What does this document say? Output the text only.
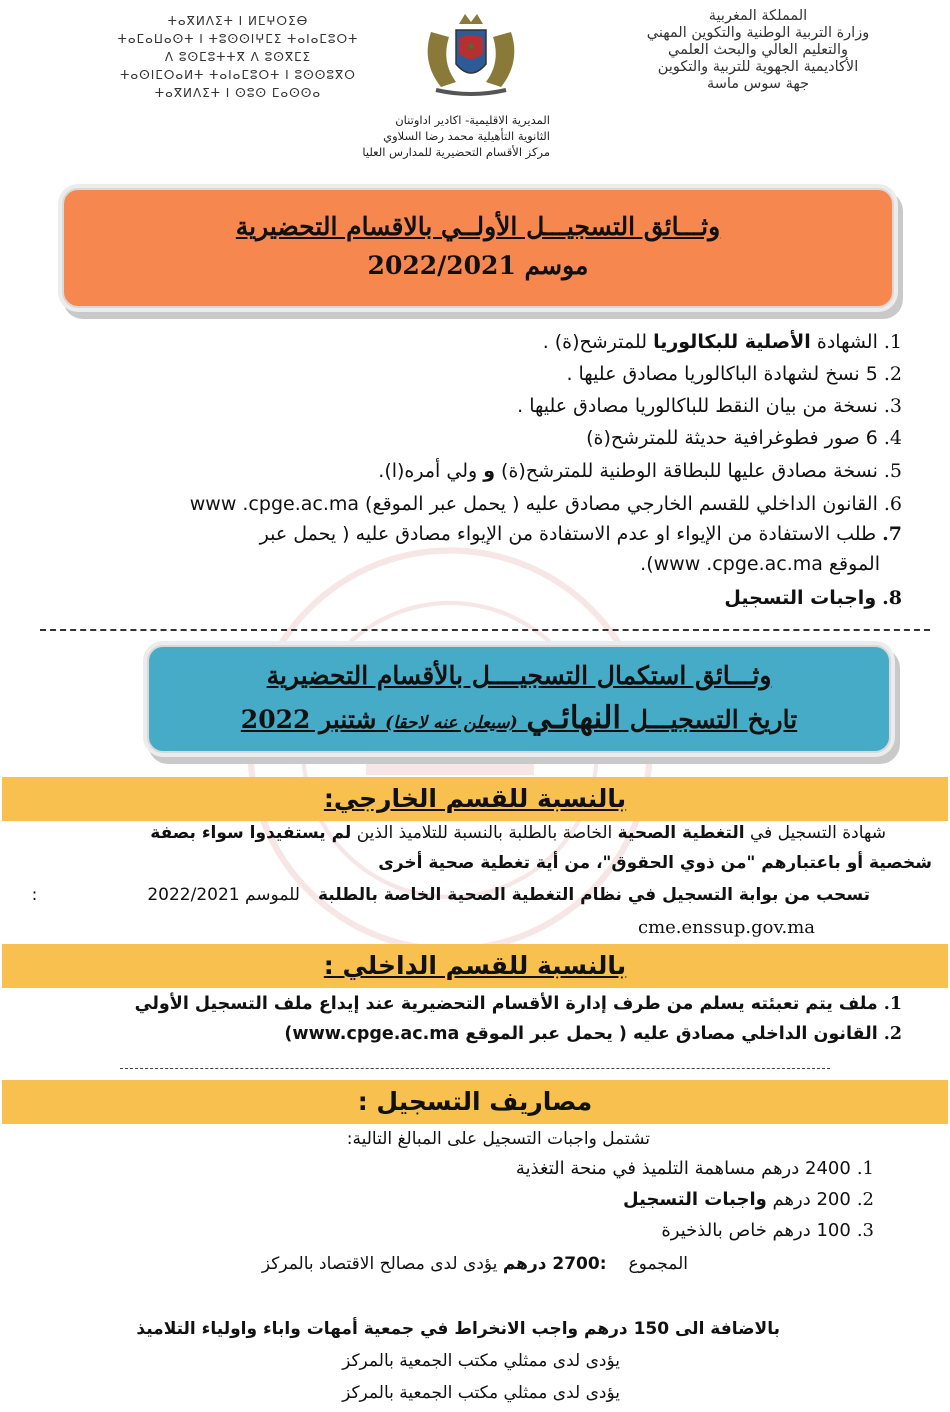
المملكة المغربية
وزارة التربية الوطنية والتكوين المهني
والتعليم العالي والبحث العلمي
الأكاديمية الجهوية للتربية والتكوين
جهة سوس ماسة
ⵜⴰⴳⵍⴷⵉⵜ ⵏ ⵍⵎⵖⵔⵉⴱ
ⵜⴰⵎⴰⵡⴰⵙⵜ ⵏ ⵜⵓⵙⵙⵏⵖⵎⵉ ⵜⴰⵏⴰⵎⵓⵔⵜ
ⴷ ⵓⵙⵎⵓⵜⵜⴳ ⴷ ⵓⵙⴳⵎⵉ
ⵜⴰⵙⵏⵎⵔⴰⵍⵜ ⵜⴰⵏⴰⵎⵓⵔⵜ ⵏ ⵓⵙⵙⵓⴳⵔ
ⵜⴰⴳⵍⴷⵉⵜ ⵏ ⵙⵓⵙ ⵎⴰⵙⵙⴰ
المديرية الاقليمية- اكادير اداوتنان
الثانوية التأهيلية محمد رضا السلاوي
مركز الأقسام التحضيرية للمدارس العليا
وثـــائق التسجيـــل الأولــي بالاقسام التحضيرية
موسم 2022/2021
1.الشهادة الأصلية للبكالوريا للمترشح(ة) .
2.5 نسخ لشهادة الباكالوريا مصادق عليها .
3.نسخة من بيان النقط للباكالوريا مصادق عليها .
4.6 صور فطوغرافية حديثة للمترشح(ة)
5.نسخة مصادق عليها للبطاقة الوطنية للمترشح(ة) و ولي أمره(ا).
6.القانون الداخلي للقسم الخارجي مصادق عليه ( يحمل عبر الموقع) www .cpge.ac.ma
7.طلب الاستفادة من الإيواء او عدم الاستفادة من الإيواء مصادق عليه ( يحمل عبر
الموقع www .cpge.ac.ma).
8.واجبات التسجيل
وثـــائق استكمال التسجيــــل بالأقسام التحضيرية
تاريخ التسجيـــل النهائـي (سيعلن عنه لاحقا) شتنبر 2022
بالنسبة للقسم الخارجي:
شهادة التسجيل في التغطية الصحية الخاصة بالطلبة بالنسبة للتلاميذ الذين لم يستفيدوا سواء بصفة
شخصية أو باعتبارهم "من ذوي الحقوق"، من أية تغطية صحية أخرى
تسحب من بوابة التسجيل في نظام التغطية الصحية الخاصة بالطلبةللموسم 2022/2021:
cme.enssup.gov.ma
بالنسبة للقسم الداخلي :
1.ملف يتم تعبئته يسلم من طرف إدارة الأقسام التحضيرية عند إيداع ملف التسجيل الأولي
2.القانون الداخلي مصادق عليه ( يحمل عبر الموقع www.cpge.ac.ma)
مصاريف التسجيل :
تشتمل واجبات التسجيل على المبالغ التالية:
1.2400 درهم مساهمة التلميذ في منحة التغذية
2.200 درهم واجبات التسجيل
3.100 درهم خاص بالذخيرة
المجموع:2700 درهم يؤدى لدى مصالح الاقتصاد بالمركز
بالاضافة الى 150 درهم واجب الانخراط في جمعية أمهات واباء واولياء التلاميذ
يؤدى لدى ممثلي مكتب الجمعية بالمركز
يؤدى لدى ممثلي مكتب الجمعية بالمركز
